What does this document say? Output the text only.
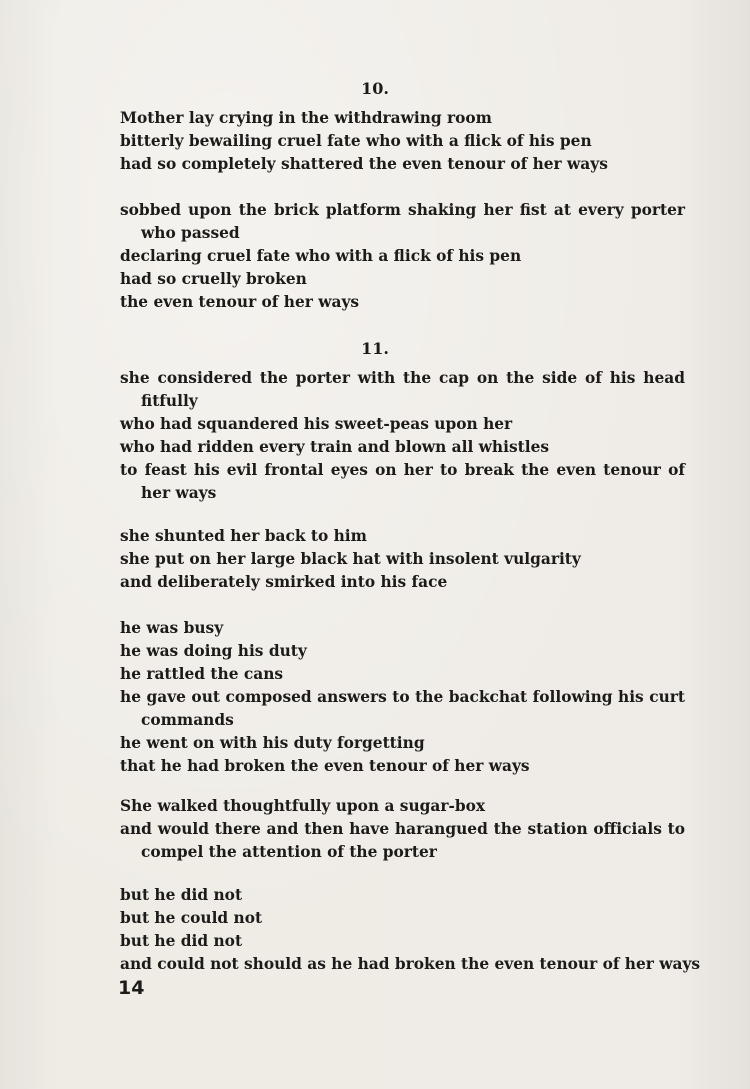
10.
Mother lay crying in the withdrawing room
bitterly bewailing cruel fate who with a flick of his pen
had so completely shattered the even tenour of her ways
sobbed upon the brick platform shaking her fist at every porter
who passed
declaring cruel fate who with a flick of his pen
had so cruelly broken
the even tenour of her ways
11.
she considered the porter with the cap on the side of his head
fitfully
who had squandered his sweet-peas upon her
who had ridden every train and blown all whistles
to feast his evil frontal eyes on her to break the even tenour of
her ways
she shunted her back to him
she put on her large black hat with insolent vulgarity
and deliberately smirked into his face
he was busy
he was doing his duty
he rattled the cans
he gave out composed answers to the backchat following his curt
commands
he went on with his duty forgetting
that he had broken the even tenour of her ways
She walked thoughtfully upon a sugar-box
and would there and then have harangued the station officials to
compel the attention of the porter
but he did not
but he could not
but he did not
and could not should as he had broken the even tenour of her ways
14
